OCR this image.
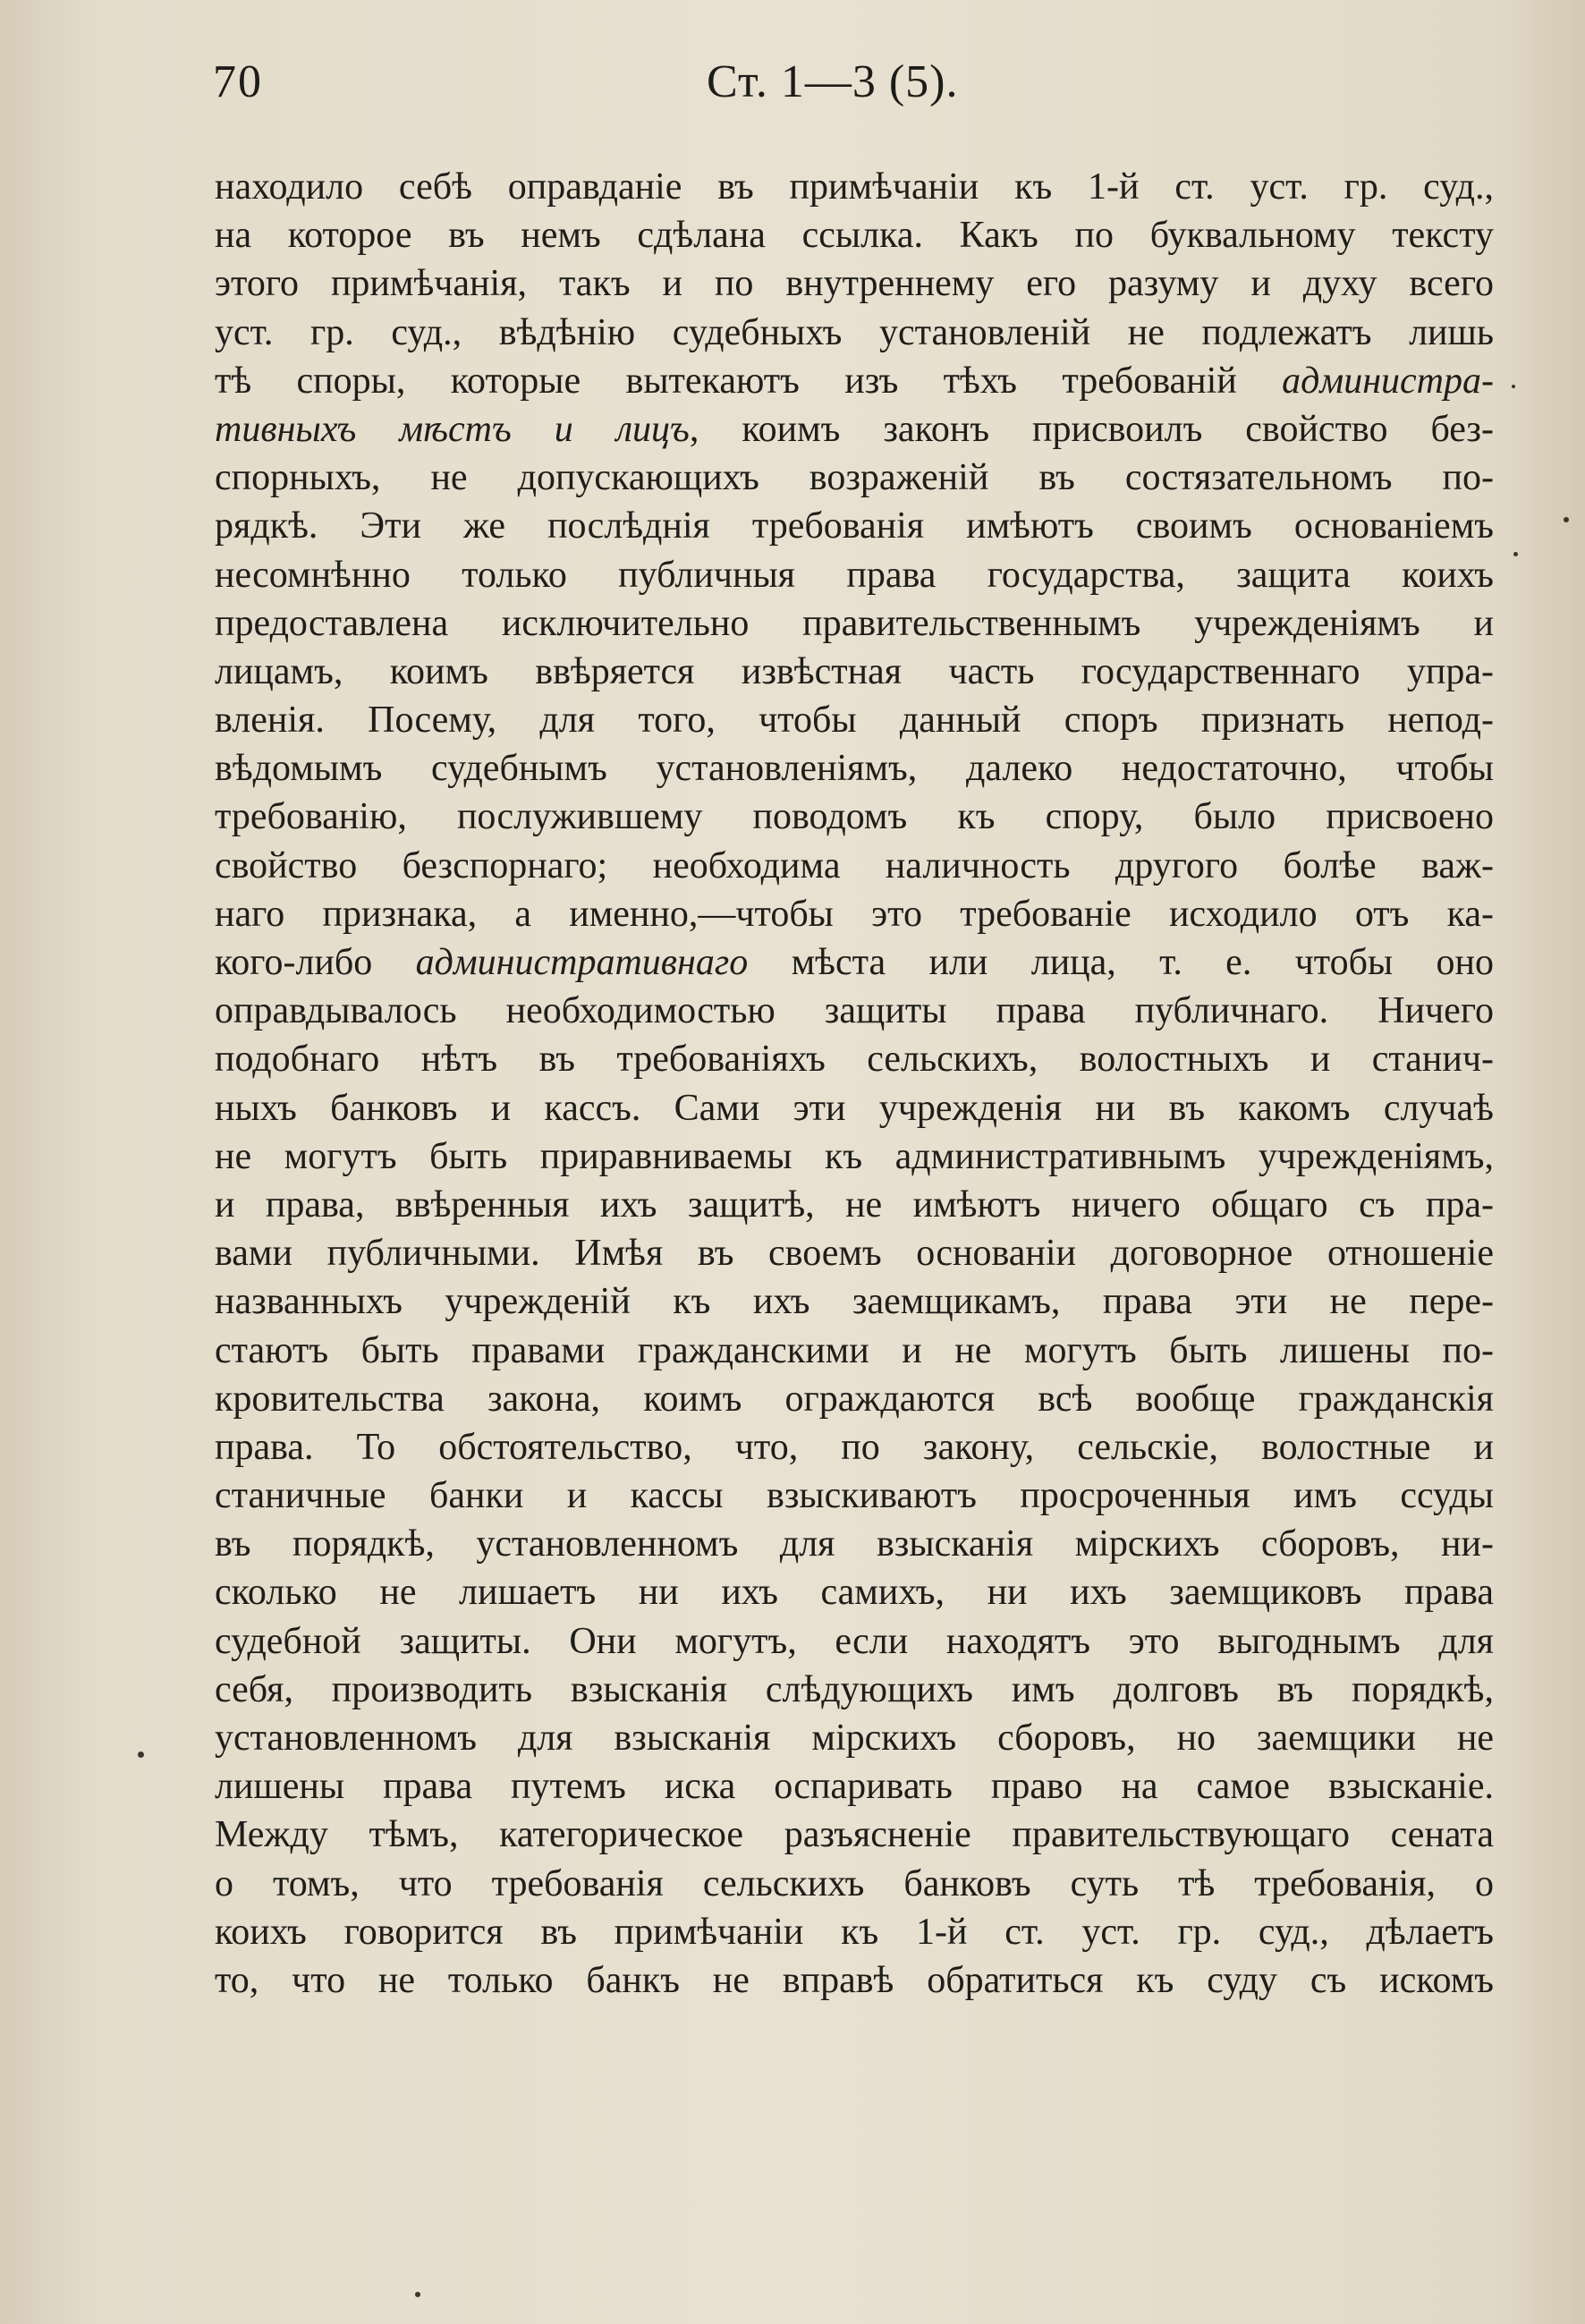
70	Ст. 1—3 (5).
находило себѣ оправданіе въ примѣчаніи къ 1-й ст. уст. гр. суд.,
на которое въ немъ сдѣлана ссылка. Какъ по буквальному тексту
этого примѣчанія, такъ и по внутреннему его разуму и духу всего
уст. гр. суд., вѣдѣнію судебныхъ установленій не подлежатъ лишь
тѣ споры, которые вытекаютъ изъ тѣхъ требованій администра-
тивныхъ мѣстъ и лицъ, коимъ законъ присвоилъ свойство без-
спорныхъ, не допускающихъ возраженій въ состязательномъ по-
рядкѣ. Эти же послѣднія требованія имѣютъ своимъ основаніемъ
несомнѣнно только публичныя права государства, защита коихъ
предоставлена исключительно правительственнымъ учрежденіямъ и
лицамъ, коимъ ввѣряется извѣстная часть государственнаго упра-
вленія. Посему, для того, чтобы данный споръ признать непод-
вѣдомымъ судебнымъ установленіямъ, далеко недостаточно, чтобы
требованію, послужившему поводомъ къ спору, было присвоено
свойство безспорнаго; необходима наличность другого болѣе важ-
наго признака, а именно,—чтобы это требованіе исходило отъ ка-
кого-либо административнаго мѣста или лица, т. е. чтобы оно
оправдывалось необходимостью защиты права публичнаго. Ничего
подобнаго нѣтъ въ требованіяхъ сельскихъ, волостныхъ и станич-
ныхъ банковъ и кассъ. Сами эти учрежденія ни въ какомъ случаѣ
не могутъ быть приравниваемы къ административнымъ учрежденіямъ,
и права, ввѣренныя ихъ защитѣ, не имѣютъ ничего общаго съ пра-
вами публичными. Имѣя въ своемъ основаніи договорное отношеніе
названныхъ учрежденій къ ихъ заемщикамъ, права эти не пере-
стаютъ быть правами гражданскими и не могутъ быть лишены по-
кровительства закона, коимъ ограждаются всѣ вообще гражданскія
права. То обстоятельство, что, по закону, сельскіе, волостные и
станичные банки и кассы взыскиваютъ просроченныя имъ ссуды
въ порядкѣ, установленномъ для взысканія мірскихъ сборовъ, ни-
сколько не лишаетъ ни ихъ самихъ, ни ихъ заемщиковъ права
судебной защиты. Они могутъ, если находятъ это выгоднымъ для
себя, производить взысканія слѣдующихъ имъ долговъ въ порядкѣ,
установленномъ для взысканія мірскихъ сборовъ, но заемщики не
лишены права путемъ иска оспаривать право на самое взысканіе.
Между тѣмъ, категорическое разъясненіе правительствующаго сената
о томъ, что требованія сельскихъ банковъ суть тѣ требованія, о
коихъ говорится въ примѣчаніи къ 1-й ст. уст. гр. суд., дѣлаетъ
то, что не только банкъ не вправѣ обратиться къ суду съ искомъ
